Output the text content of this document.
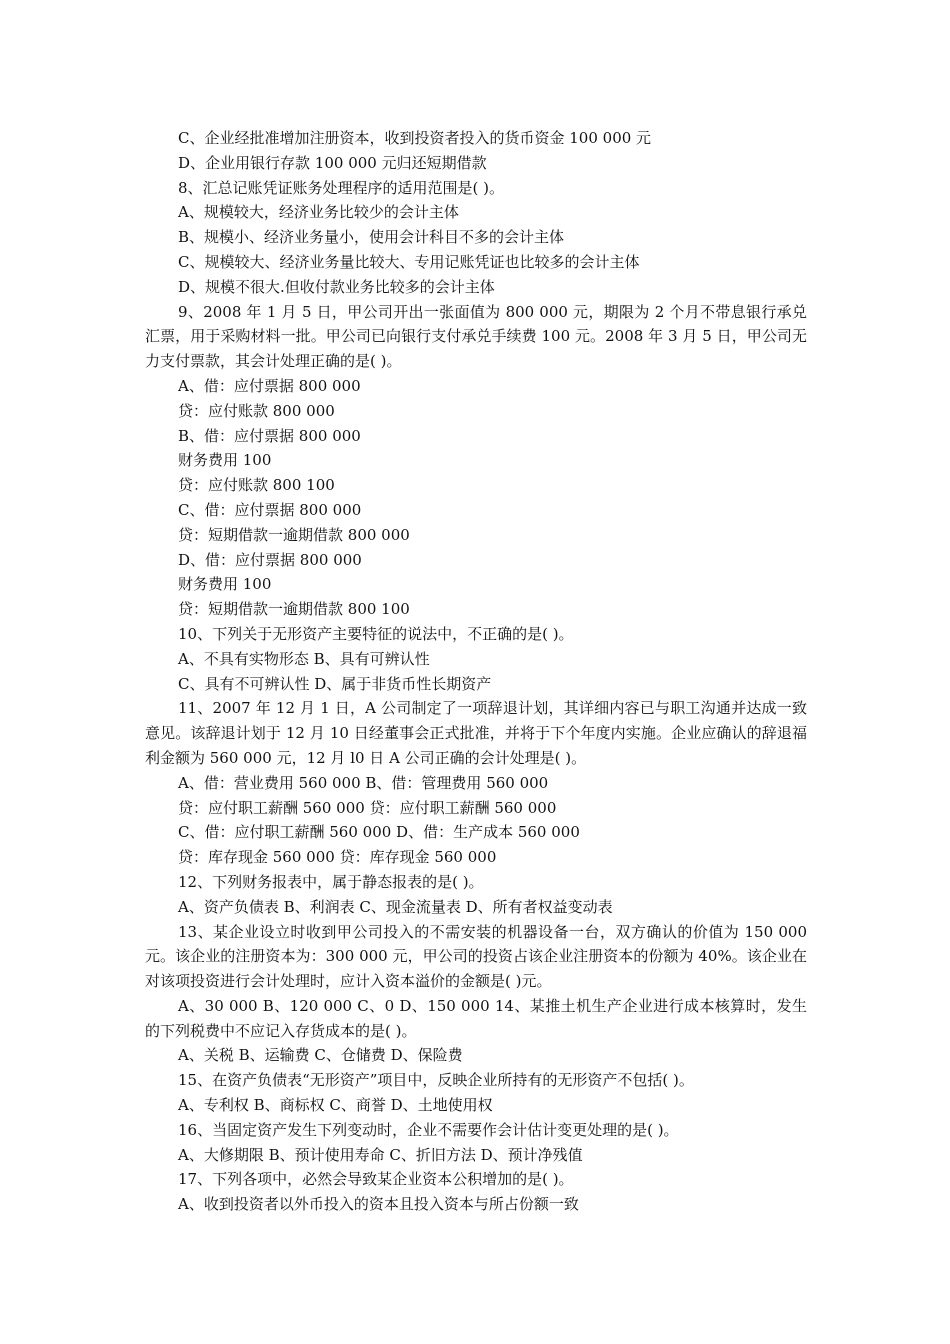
C、企业经批准增加注册资本，收到投资者投入的货币资金 100 000 元

D、企业用银行存款 100 000 元归还短期借款

8、汇总记账凭证账务处理程序的适用范围是( )。

A、规模较大，经济业务比较少的会计主体

B、规模小、经济业务量小，使用会计科目不多的会计主体

C、规模较大、经济业务量比较大、专用记账凭证也比较多的会计主体

D、规模不很大.但收付款业务比较多的会计主体

9、2008 年 1 月 5 日，甲公司开出一张面值为 800 000 元，期限为 2 个月不带息银行承兑汇票，用于采购材料一批。甲公司已向银行支付承兑手续费 100 元。2008 年 3 月 5 日，甲公司无力支付票款，其会计处理正确的是( )。

A、借：应付票据 800 000

贷：应付账款 800 000

B、借：应付票据 800 000

财务费用 100

贷：应付账款 800 100

C、借：应付票据 800 000

贷：短期借款一逾期借款 800 000

D、借：应付票据 800 000

财务费用 100

贷：短期借款一逾期借款 800 100

10、下列关于无形资产主要特征的说法中，不正确的是( )。

A、不具有实物形态 B、具有可辨认性

C、具有不可辨认性 D、属于非货币性长期资产

11、2007 年 12 月 1 日，A 公司制定了一项辞退计划，其详细内容已与职工沟通并达成一致意见。该辞退计划于 12 月 10 日经董事会正式批准，并将于下个年度内实施。企业应确认的辞退福利金额为 560 000 元，12 月 l0 日 A 公司正确的会计处理是( )。

A、借：营业费用 560 000 B、借：管理费用 560 000

贷：应付职工薪酬 560 000 贷：应付职工薪酬 560 000

C、借：应付职工薪酬 560 000 D、借：生产成本 560 000

贷：库存现金 560 000 贷：库存现金 560 000

12、下列财务报表中，属于静态报表的是( )。

A、资产负债表 B、利润表 C、现金流量表 D、所有者权益变动表

13、某企业设立时收到甲公司投入的不需安装的机器设备一台，双方确认的价值为 150 000 元。该企业的注册资本为：300 000 元，甲公司的投资占该企业注册资本的份额为 40%。该企业在对该项投资进行会计处理时，应计入资本溢价的金额是( )元。

A、30 000 B、120 000 C、0 D、150 000 14、某推土机生产企业进行成本核算时，发生的下列税费中不应记入存货成本的是( )。

A、关税 B、运输费 C、仓储费 D、保险费

15、在资产负债表“无形资产”项目中，反映企业所持有的无形资产不包括( )。

A、专利权 B、商标权 C、商誉 D、土地使用权

16、当固定资产发生下列变动时，企业不需要作会计估计变更处理的是( )。

A、大修期限 B、预计使用寿命 C、折旧方法 D、预计净残值

17、下列各项中，必然会导致某企业资本公积增加的是( )。

A、收到投资者以外币投入的资本且投入资本与所占份额一致
